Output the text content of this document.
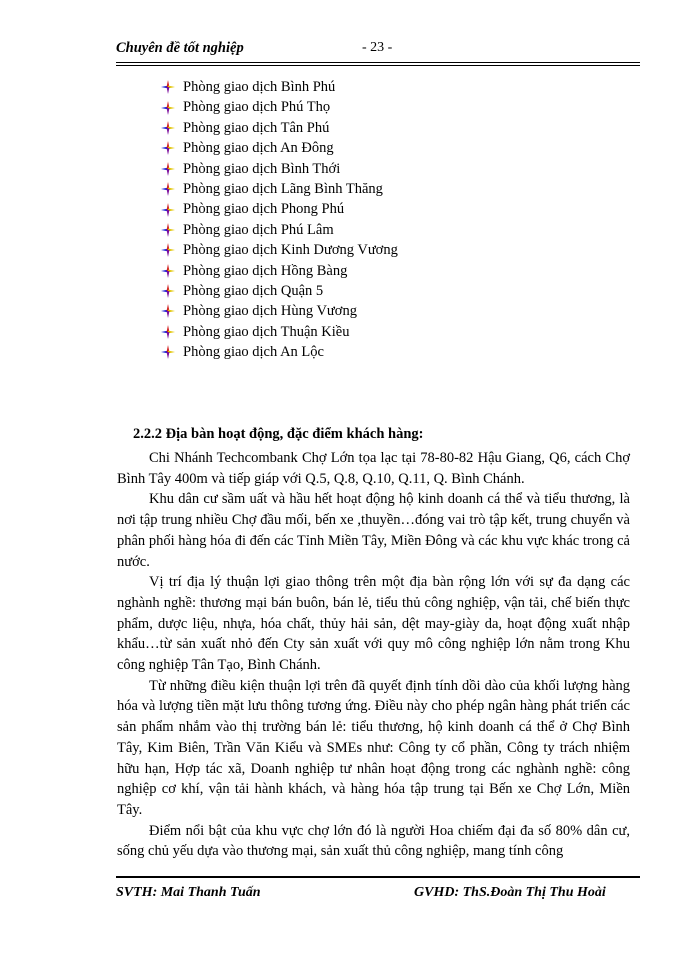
Chuyên đề tốt nghiệp	- 23 -
Phòng giao dịch Bình Phú
Phòng giao dịch Phú Thọ
Phòng giao dịch Tân Phú
Phòng giao dịch An Đông
Phòng giao dịch Bình Thới
Phòng giao dịch Lãng Bình Thăng
Phòng giao dịch Phong Phú
Phòng giao dịch Phú Lâm
Phòng giao dịch Kinh Dương Vương
Phòng giao dịch Hồng Bàng
Phòng giao dịch Quận 5
Phòng giao dịch Hùng Vương
Phòng giao dịch Thuận Kiều
Phòng giao dịch An Lộc
2.2.2 Địa bàn hoạt động, đặc điểm khách hàng:

Chi Nhánh Techcombank Chợ Lớn tọa lạc tại 78-80-82 Hậu Giang, Q6, cách Chợ Bình Tây 400m và tiếp giáp với Q.5, Q.8, Q.10, Q.11, Q. Bình Chánh.

Khu dân cư sầm uất và hầu hết hoạt động hộ kinh doanh cá thể và tiểu thương, là nơi tập trung nhiều Chợ đầu mối, bến xe ,thuyền…đóng vai trò tập kết, trung chuyển và phân phối hàng hóa đi đến các Tỉnh Miền Tây, Miền Đông và các khu vực khác trong cả nước.

Vị trí địa lý thuận lợi giao thông trên một địa bàn rộng lớn với sự đa dạng các nghành nghề: thương mại bán buôn, bán lẻ, tiểu thủ công nghiệp, vận tải, chế biến thực phẩm, dược liệu, nhựa, hóa chất, thủy hải sản, dệt may-giày da, hoạt động xuất nhập khẩu…từ sản xuất nhỏ đến Cty sản xuất với quy mô công nghiệp lớn nằm trong Khu công nghiệp Tân Tạo, Bình Chánh.

Từ những điều kiện thuận lợi trên đã quyết định tính dồi dào của khối lượng hàng hóa và lượng tiền mặt lưu thông tương ứng. Điều này cho phép ngân hàng phát triển các sản phẩm nhắm vào thị trường bán lẻ: tiểu thương, hộ kinh doanh cá thể ở Chợ Bình Tây, Kim Biên, Trần Văn Kiểu và SMEs như: Công ty cổ phần, Công ty trách nhiệm hữu hạn, Hợp tác xã, Doanh nghiệp tư nhân hoạt động trong các nghành nghề: công nghiệp cơ khí, vận tải hành khách, và hàng hóa tập trung tại Bến xe Chợ Lớn, Miền Tây.

Điểm nổi bật của khu vực chợ lớn đó là người Hoa chiếm đại đa số 80% dân cư, sống chủ yếu dựa vào thương mại, sản xuất thủ công nghiệp, mang tính công

SVTH: Mai Thanh Tuấn	GVHD: ThS.Đoàn Thị Thu Hoài
